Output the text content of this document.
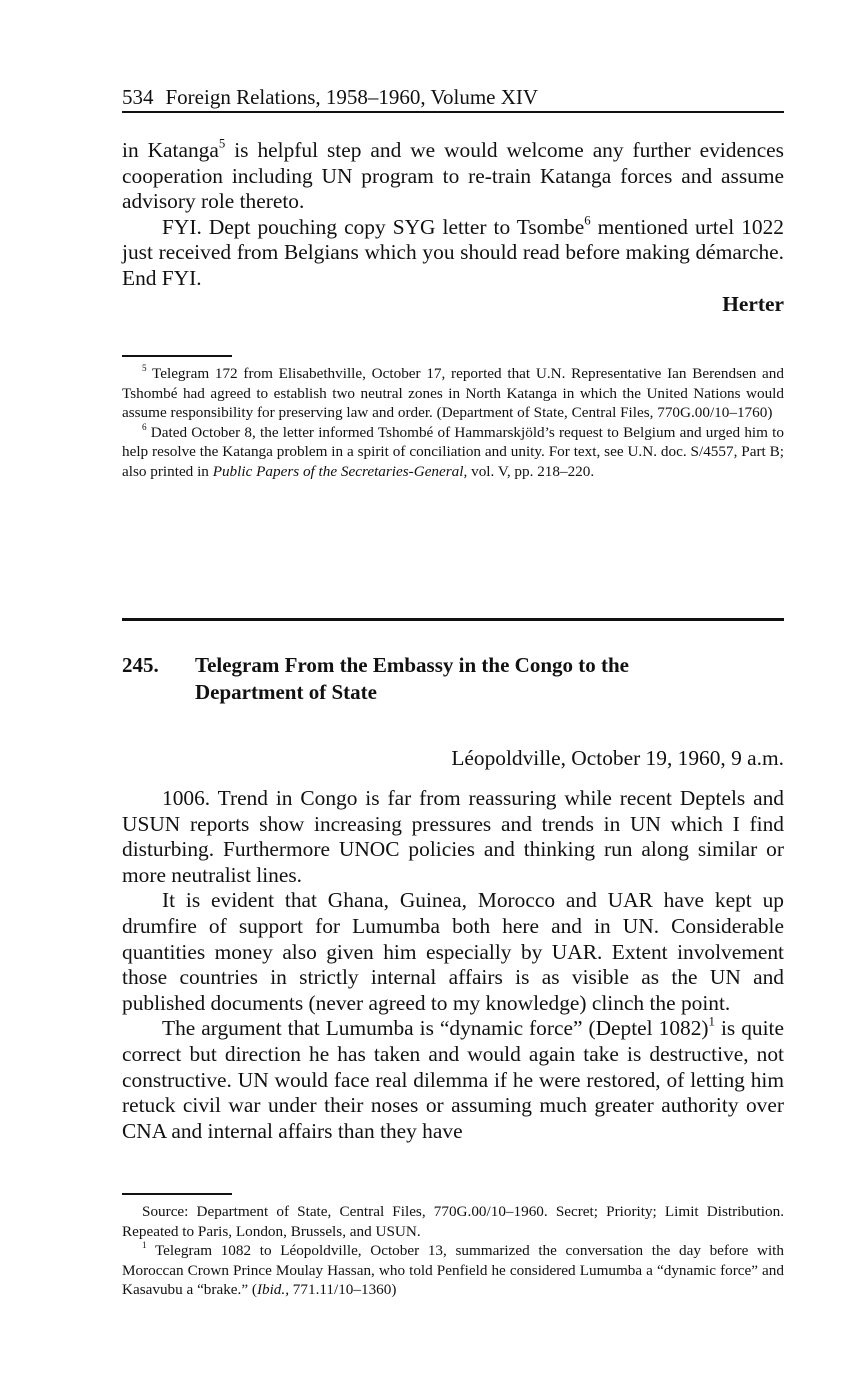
534 Foreign Relations, 1958–1960, Volume XIV

in Katanga$^5$ is helpful step and we would welcome any further evidences cooperation including UN program to re-train Katanga forces and assume advisory role thereto.

FYI. Dept pouching copy SYG letter to Tsombe$^6$ mentioned urtel 1022 just received from Belgians which you should read before making démarche. End FYI.

Herter

$^5$ Telegram 172 from Elisabethville, October 17, reported that U.N. Representative Ian Berendsen and Tshombé had agreed to establish two neutral zones in North Katanga in which the United Nations would assume responsibility for preserving law and order. (Department of State, Central Files, 770G.00/10–1760)

$^6$ Dated October 8, the letter informed Tshombé of Hammarskjöld’s request to Belgium and urged him to help resolve the Katanga problem in a spirit of conciliation and unity. For text, see U.N. doc. S/4557, Part B; also printed in Public Papers of the Secretaries-General, vol. V, pp. 218–220.

245. Telegram From the Embassy in the Congo to the Department of State
Léopoldville, October 19, 1960, 9 a.m.

1006. Trend in Congo is far from reassuring while recent Deptels and USUN reports show increasing pressures and trends in UN which I find disturbing. Furthermore UNOC policies and thinking run along similar or more neutralist lines.

It is evident that Ghana, Guinea, Morocco and UAR have kept up drumfire of support for Lumumba both here and in UN. Considerable quantities money also given him especially by UAR. Extent involvement those countries in strictly internal affairs is as visible as the UN and published documents (never agreed to my knowledge) clinch the point.

The argument that Lumumba is “dynamic force” (Deptel 1082)$^1$ is quite correct but direction he has taken and would again take is destructive, not constructive. UN would face real dilemma if he were restored, of letting him retuck civil war under their noses or assuming much greater authority over CNA and internal affairs than they have

Source: Department of State, Central Files, 770G.00/10–1960. Secret; Priority; Limit Distribution. Repeated to Paris, London, Brussels, and USUN.

$^1$ Telegram 1082 to Léopoldville, October 13, summarized the conversation the day before with Moroccan Crown Prince Moulay Hassan, who told Penfield he considered Lumumba a “dynamic force” and Kasavubu a “brake.” (Ibid., 771.11/10–1360)
